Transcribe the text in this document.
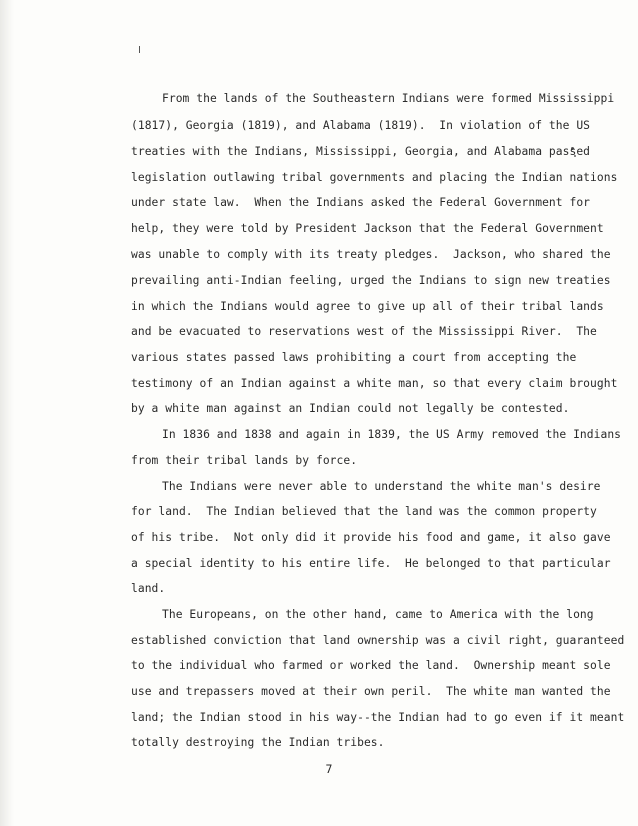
From the lands of the Southeastern Indians were formed Mississippi
(1817), Georgia (1819), and Alabama (1819).  In violation of the US
treaties with the Indians, Mississippi, Georgia, and Alabama passed
legislation outlawing tribal governments and placing the Indian nations
under state law.  When the Indians asked the Federal Government for
help, they were told by President Jackson that the Federal Government
was unable to comply with its treaty pledges.  Jackson, who shared the
prevailing anti-Indian feeling, urged the Indians to sign new treaties
in which the Indians would agree to give up all of their tribal lands
and be evacuated to reservations west of the Mississippi River.  The
various states passed laws prohibiting a court from accepting the
testimony of an Indian against a white man, so that every claim brought
by a white man against an Indian could not legally be contested.
In 1836 and 1838 and again in 1839, the US Army removed the Indians
from their tribal lands by force.
The Indians were never able to understand the white man's desire
for land.  The Indian believed that the land was the common property
of his tribe.  Not only did it provide his food and game, it also gave
a special identity to his entire life.  He belonged to that particular
land.
The Europeans, on the other hand, came to America with the long
established conviction that land ownership was a civil right, guaranteed
to the individual who farmed or worked the land.  Ownership meant sole
use and trepassers moved at their own peril.  The white man wanted the
land; the Indian stood in his way--the Indian had to go even if it meant
totally destroying the Indian tribes.
7
